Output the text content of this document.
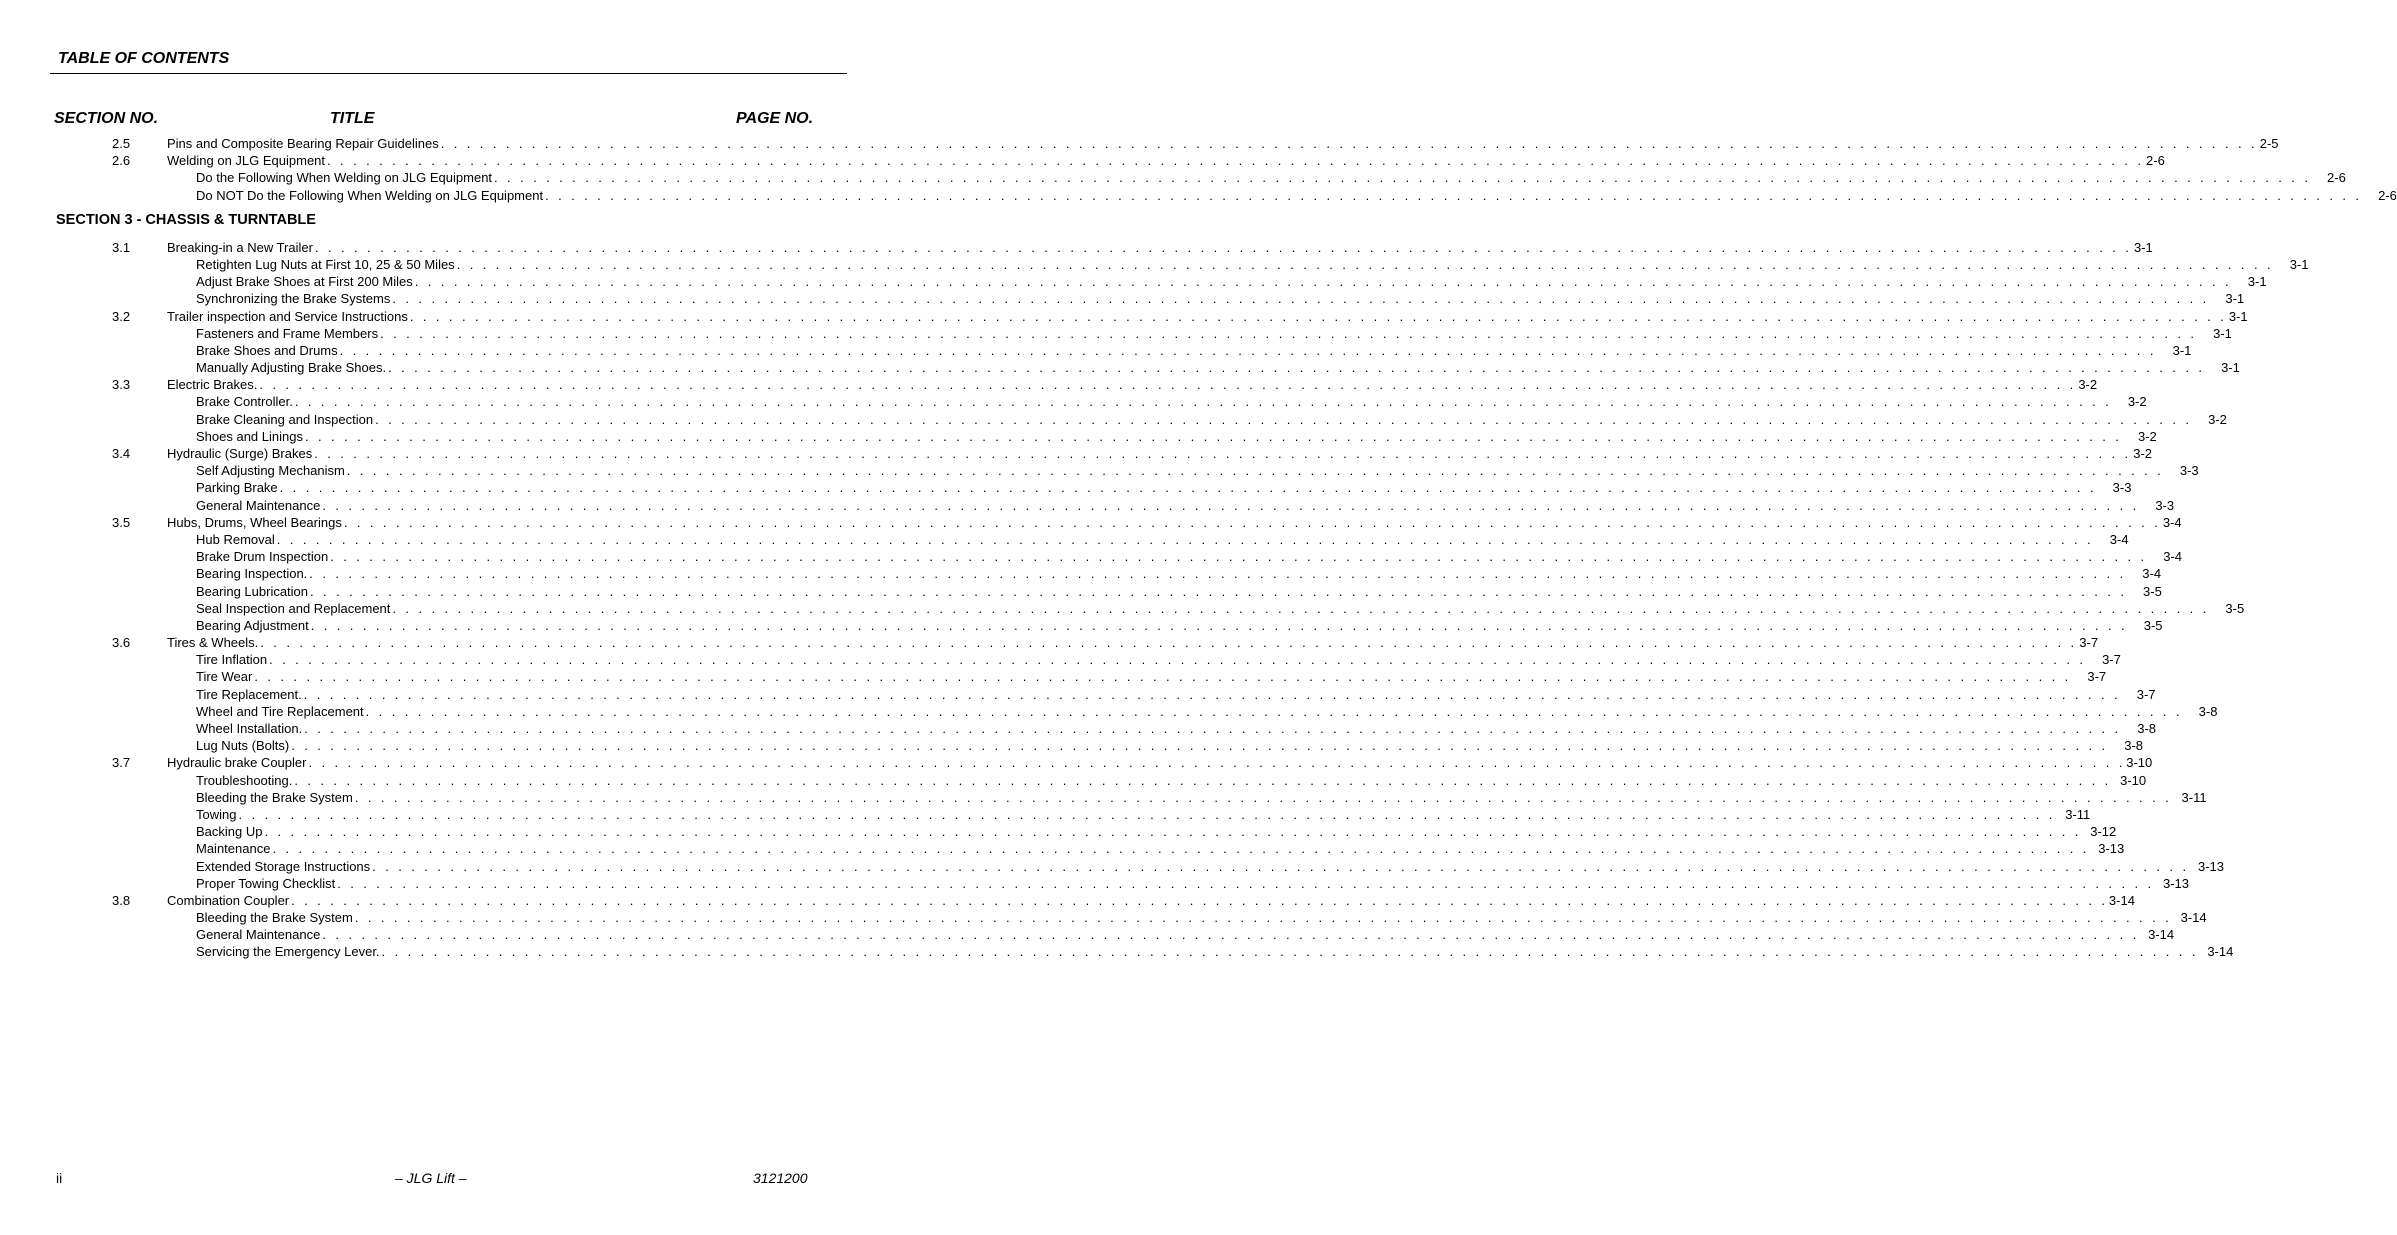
TABLE OF CONTENTS
SECTION NO.	TITLE	PAGE NO.
2.5	Pins and Composite Bearing Repair Guidelines . . . . . . . . . . . . . . . . . . . . . . . . . . . . . . . . . . . . . . . . . . . . . . . . . . . . . . . . . . . . . . . . . . . . . . . . . . . . . . . . . . . . . . . . . . . . . . . . . . . . . . . . . . . . . . . . . . . . . . . . . . . . . . . . . . . . . . . . . . . . 2-5
2.6	Welding on JLG Equipment . . . . . . . . . . . . . . . . . . . . . . . . . . . . . . . . . . . . . . . . . . . . . . . . . . . . . . . . . . . . . . . . . . . . . . . . . . . . . . . . . . . . . . . . . . . . . . . . . . . . . . . . . . . . . . . . . . . . . . . . . . . . . . . . . . . . . . . . . . . . 2-6
Do the Following When Welding on JLG Equipment . . . . . . . . . . . . . . . . . . . . . . . . . . . . . . . . . . . . . . . . . . . . . . . . . . . . . . . . . . . . . . . . . . . . . . . . . . . . . . . . . . . . . . . . . . . . . . . . . . . . . . . . . . . . . . . . . . . . . . . . . . . . . . . . . . . . . . . . . . . .	2-6
Do NOT Do the Following When Welding on JLG Equipment . . . . . . . . . . . . . . . . . . . . . . . . . . . . . . . . . . . . . . . . . . . . . . . . . . . . . . . . . . . . . . . . . . . . . . . . . . . . . . . . . . . . . . . . . . . . . . . . . . . . . . . . . . . . . . . . . . . . . . . . . . . . . . . . . . . . . . . . . . . .	2-6
SECTION 3 - CHASSIS & TURNTABLE
3.1	Breaking-in a New Trailer . . . . . . . . . . . . . . . . . . . . . . . . . . . . . . . . . . . . . . . . . . . . . . . . . . . . . . . . . . . . . . . . . . . . . . . . . . . . . . . . . . . . . . . . . . . . . . . . . . . . . . . . . . . . . . . . . . . . . . . . . . . . . . . . . . . . . . . . . . . . 3-1
Retighten Lug Nuts at First 10, 25 & 50 Miles . . . . . . . . . . . . . . . . . . . . . . . . . . . . . . . . . . . . . . . . . . . . . . . . . . . . . . . . . . . . . . . . . . . . . . . . . . . . . . . . . . . . . . . . . . . . . . . . . . . . . . . . . . . . . . . . . . . . . . . . . . . . . . . . . . . . . . . . . . . .	3-1
Adjust Brake Shoes at First 200 Miles . . . . . . . . . . . . . . . . . . . . . . . . . . . . . . . . . . . . . . . . . . . . . . . . . . . . . . . . . . . . . . . . . . . . . . . . . . . . . . . . . . . . . . . . . . . . . . . . . . . . . . . . . . . . . . . . . . . . . . . . . . . . . . . . . . . . . . . . . . . .	3-1
Synchronizing the Brake Systems . . . . . . . . . . . . . . . . . . . . . . . . . . . . . . . . . . . . . . . . . . . . . . . . . . . . . . . . . . . . . . . . . . . . . . . . . . . . . . . . . . . . . . . . . . . . . . . . . . . . . . . . . . . . . . . . . . . . . . . . . . . . . . . . . . . . . . . . . . . .	3-1
3.2	Trailer inspection and Service Instructions . . . . . . . . . . . . . . . . . . . . . . . . . . . . . . . . . . . . . . . . . . . . . . . . . . . . . . . . . . . . . . . . . . . . . . . . . . . . . . . . . . . . . . . . . . . . . . . . . . . . . . . . . . . . . . . . . . . . . . . . . . . . . . . . . . . . . . . . . . . . 3-1
Fasteners and Frame Members . . . . . . . . . . . . . . . . . . . . . . . . . . . . . . . . . . . . . . . . . . . . . . . . . . . . . . . . . . . . . . . . . . . . . . . . . . . . . . . . . . . . . . . . . . . . . . . . . . . . . . . . . . . . . . . . . . . . . . . . . . . . . . . . . . . . . . . . . . . .	3-1
Brake Shoes and Drums . . . . . . . . . . . . . . . . . . . . . . . . . . . . . . . . . . . . . . . . . . . . . . . . . . . . . . . . . . . . . . . . . . . . . . . . . . . . . . . . . . . . . . . . . . . . . . . . . . . . . . . . . . . . . . . . . . . . . . . . . . . . . . . . . . . . . . . . . . . .	3-1
Manually Adjusting Brake Shoes. . . . . . . . . . . . . . . . . . . . . . . . . . . . . . . . . . . . . . . . . . . . . . . . . . . . . . . . . . . . . . . . . . . . . . . . . . . . . . . . . . . . . . . . . . . . . . . . . . . . . . . . . . . . . . . . . . . . . . . . . . . . . . . . . . . . . . . . . . . . .	3-1
3.3	Electric Brakes. . . . . . . . . . . . . . . . . . . . . . . . . . . . . . . . . . . . . . . . . . . . . . . . . . . . . . . . . . . . . . . . . . . . . . . . . . . . . . . . . . . . . . . . . . . . . . . . . . . . . . . . . . . . . . . . . . . . . . . . . . . . . . . . . . . . . . . . . . . . . 3-2
Brake Controller. . . . . . . . . . . . . . . . . . . . . . . . . . . . . . . . . . . . . . . . . . . . . . . . . . . . . . . . . . . . . . . . . . . . . . . . . . . . . . . . . . . . . . . . . . . . . . . . . . . . . . . . . . . . . . . . . . . . . . . . . . . . . . . . . . . . . . . . . . . . .	3-2
Brake Cleaning and Inspection . . . . . . . . . . . . . . . . . . . . . . . . . . . . . . . . . . . . . . . . . . . . . . . . . . . . . . . . . . . . . . . . . . . . . . . . . . . . . . . . . . . . . . . . . . . . . . . . . . . . . . . . . . . . . . . . . . . . . . . . . . . . . . . . . . . . . . . . . . . .	3-2
Shoes and Linings . . . . . . . . . . . . . . . . . . . . . . . . . . . . . . . . . . . . . . . . . . . . . . . . . . . . . . . . . . . . . . . . . . . . . . . . . . . . . . . . . . . . . . . . . . . . . . . . . . . . . . . . . . . . . . . . . . . . . . . . . . . . . . . . . . . . . . . . . . . .	3-2
3.4	Hydraulic (Surge) Brakes . . . . . . . . . . . . . . . . . . . . . . . . . . . . . . . . . . . . . . . . . . . . . . . . . . . . . . . . . . . . . . . . . . . . . . . . . . . . . . . . . . . . . . . . . . . . . . . . . . . . . . . . . . . . . . . . . . . . . . . . . . . . . . . . . . . . . . . . . . . . 3-2
Self Adjusting Mechanism . . . . . . . . . . . . . . . . . . . . . . . . . . . . . . . . . . . . . . . . . . . . . . . . . . . . . . . . . . . . . . . . . . . . . . . . . . . . . . . . . . . . . . . . . . . . . . . . . . . . . . . . . . . . . . . . . . . . . . . . . . . . . . . . . . . . . . . . . . . .	3-3
Parking Brake . . . . . . . . . . . . . . . . . . . . . . . . . . . . . . . . . . . . . . . . . . . . . . . . . . . . . . . . . . . . . . . . . . . . . . . . . . . . . . . . . . . . . . . . . . . . . . . . . . . . . . . . . . . . . . . . . . . . . . . . . . . . . . . . . . . . . . . . . . . .	3-3
General Maintenance . . . . . . . . . . . . . . . . . . . . . . . . . . . . . . . . . . . . . . . . . . . . . . . . . . . . . . . . . . . . . . . . . . . . . . . . . . . . . . . . . . . . . . . . . . . . . . . . . . . . . . . . . . . . . . . . . . . . . . . . . . . . . . . . . . . . . . . . . . . .	3-3
3.5	Hubs, Drums, Wheel Bearings . . . . . . . . . . . . . . . . . . . . . . . . . . . . . . . . . . . . . . . . . . . . . . . . . . . . . . . . . . . . . . . . . . . . . . . . . . . . . . . . . . . . . . . . . . . . . . . . . . . . . . . . . . . . . . . . . . . . . . . . . . . . . . . . . . . . . . . . . . . . 3-4
Hub Removal . . . . . . . . . . . . . . . . . . . . . . . . . . . . . . . . . . . . . . . . . . . . . . . . . . . . . . . . . . . . . . . . . . . . . . . . . . . . . . . . . . . . . . . . . . . . . . . . . . . . . . . . . . . . . . . . . . . . . . . . . . . . . . . . . . . . . . . . . . . .	3-4
Brake Drum Inspection . . . . . . . . . . . . . . . . . . . . . . . . . . . . . . . . . . . . . . . . . . . . . . . . . . . . . . . . . . . . . . . . . . . . . . . . . . . . . . . . . . . . . . . . . . . . . . . . . . . . . . . . . . . . . . . . . . . . . . . . . . . . . . . . . . . . . . . . . . . .	3-4
Bearing Inspection. . . . . . . . . . . . . . . . . . . . . . . . . . . . . . . . . . . . . . . . . . . . . . . . . . . . . . . . . . . . . . . . . . . . . . . . . . . . . . . . . . . . . . . . . . . . . . . . . . . . . . . . . . . . . . . . . . . . . . . . . . . . . . . . . . . . . . . . . . . . .	3-4
Bearing Lubrication . . . . . . . . . . . . . . . . . . . . . . . . . . . . . . . . . . . . . . . . . . . . . . . . . . . . . . . . . . . . . . . . . . . . . . . . . . . . . . . . . . . . . . . . . . . . . . . . . . . . . . . . . . . . . . . . . . . . . . . . . . . . . . . . . . . . . . . . . . . .	3-5
Seal Inspection and Replacement . . . . . . . . . . . . . . . . . . . . . . . . . . . . . . . . . . . . . . . . . . . . . . . . . . . . . . . . . . . . . . . . . . . . . . . . . . . . . . . . . . . . . . . . . . . . . . . . . . . . . . . . . . . . . . . . . . . . . . . . . . . . . . . . . . . . . . . . . . . .	3-5
Bearing Adjustment . . . . . . . . . . . . . . . . . . . . . . . . . . . . . . . . . . . . . . . . . . . . . . . . . . . . . . . . . . . . . . . . . . . . . . . . . . . . . . . . . . . . . . . . . . . . . . . . . . . . . . . . . . . . . . . . . . . . . . . . . . . . . . . . . . . . . . . . . . . .	3-5
3.6	Tires & Wheels. . . . . . . . . . . . . . . . . . . . . . . . . . . . . . . . . . . . . . . . . . . . . . . . . . . . . . . . . . . . . . . . . . . . . . . . . . . . . . . . . . . . . . . . . . . . . . . . . . . . . . . . . . . . . . . . . . . . . . . . . . . . . . . . . . . . . . . . . . . . . 3-7
Tire Inflation . . . . . . . . . . . . . . . . . . . . . . . . . . . . . . . . . . . . . . . . . . . . . . . . . . . . . . . . . . . . . . . . . . . . . . . . . . . . . . . . . . . . . . . . . . . . . . . . . . . . . . . . . . . . . . . . . . . . . . . . . . . . . . . . . . . . . . . . . . . .	3-7
Tire Wear . . . . . . . . . . . . . . . . . . . . . . . . . . . . . . . . . . . . . . . . . . . . . . . . . . . . . . . . . . . . . . . . . . . . . . . . . . . . . . . . . . . . . . . . . . . . . . . . . . . . . . . . . . . . . . . . . . . . . . . . . . . . . . . . . . . . . . . . . . . .	3-7
Tire Replacement. . . . . . . . . . . . . . . . . . . . . . . . . . . . . . . . . . . . . . . . . . . . . . . . . . . . . . . . . . . . . . . . . . . . . . . . . . . . . . . . . . . . . . . . . . . . . . . . . . . . . . . . . . . . . . . . . . . . . . . . . . . . . . . . . . . . . . . . . . . . .	3-7
Wheel and Tire Replacement . . . . . . . . . . . . . . . . . . . . . . . . . . . . . . . . . . . . . . . . . . . . . . . . . . . . . . . . . . . . . . . . . . . . . . . . . . . . . . . . . . . . . . . . . . . . . . . . . . . . . . . . . . . . . . . . . . . . . . . . . . . . . . . . . . . . . . . . . . . .	3-8
Wheel Installation. . . . . . . . . . . . . . . . . . . . . . . . . . . . . . . . . . . . . . . . . . . . . . . . . . . . . . . . . . . . . . . . . . . . . . . . . . . . . . . . . . . . . . . . . . . . . . . . . . . . . . . . . . . . . . . . . . . . . . . . . . . . . . . . . . . . . . . . . . . . .	3-8
Lug Nuts (Bolts) . . . . . . . . . . . . . . . . . . . . . . . . . . . . . . . . . . . . . . . . . . . . . . . . . . . . . . . . . . . . . . . . . . . . . . . . . . . . . . . . . . . . . . . . . . . . . . . . . . . . . . . . . . . . . . . . . . . . . . . . . . . . . . . . . . . . . . . . . . . .	3-8
3.7	Hydraulic brake Coupler . . . . . . . . . . . . . . . . . . . . . . . . . . . . . . . . . . . . . . . . . . . . . . . . . . . . . . . . . . . . . . . . . . . . . . . . . . . . . . . . . . . . . . . . . . . . . . . . . . . . . . . . . . . . . . . . . . . . . . . . . . . . . . . . . . . . . . . . . . . . 3-10
Troubleshooting. . . . . . . . . . . . . . . . . . . . . . . . . . . . . . . . . . . . . . . . . . . . . . . . . . . . . . . . . . . . . . . . . . . . . . . . . . . . . . . . . . . . . . . . . . . . . . . . . . . . . . . . . . . . . . . . . . . . . . . . . . . . . . . . . . . . . . . . . . . . . 3-10
Bleeding the Brake System . . . . . . . . . . . . . . . . . . . . . . . . . . . . . . . . . . . . . . . . . . . . . . . . . . . . . . . . . . . . . . . . . . . . . . . . . . . . . . . . . . . . . . . . . . . . . . . . . . . . . . . . . . . . . . . . . . . . . . . . . . . . . . . . . . . . . . . . . . . . 3-11
Towing . . . . . . . . . . . . . . . . . . . . . . . . . . . . . . . . . . . . . . . . . . . . . . . . . . . . . . . . . . . . . . . . . . . . . . . . . . . . . . . . . . . . . . . . . . . . . . . . . . . . . . . . . . . . . . . . . . . . . . . . . . . . . . . . . . . . . . . . . . . . 3-11
Backing Up . . . . . . . . . . . . . . . . . . . . . . . . . . . . . . . . . . . . . . . . . . . . . . . . . . . . . . . . . . . . . . . . . . . . . . . . . . . . . . . . . . . . . . . . . . . . . . . . . . . . . . . . . . . . . . . . . . . . . . . . . . . . . . . . . . . . . . . . . . . . 3-12
Maintenance . . . . . . . . . . . . . . . . . . . . . . . . . . . . . . . . . . . . . . . . . . . . . . . . . . . . . . . . . . . . . . . . . . . . . . . . . . . . . . . . . . . . . . . . . . . . . . . . . . . . . . . . . . . . . . . . . . . . . . . . . . . . . . . . . . . . . . . . . . . . 3-13
Extended Storage Instructions . . . . . . . . . . . . . . . . . . . . . . . . . . . . . . . . . . . . . . . . . . . . . . . . . . . . . . . . . . . . . . . . . . . . . . . . . . . . . . . . . . . . . . . . . . . . . . . . . . . . . . . . . . . . . . . . . . . . . . . . . . . . . . . . . . . . . . . . . . . . 3-13
Proper Towing Checklist . . . . . . . . . . . . . . . . . . . . . . . . . . . . . . . . . . . . . . . . . . . . . . . . . . . . . . . . . . . . . . . . . . . . . . . . . . . . . . . . . . . . . . . . . . . . . . . . . . . . . . . . . . . . . . . . . . . . . . . . . . . . . . . . . . . . . . . . . . . . 3-13
3.8	Combination Coupler . . . . . . . . . . . . . . . . . . . . . . . . . . . . . . . . . . . . . . . . . . . . . . . . . . . . . . . . . . . . . . . . . . . . . . . . . . . . . . . . . . . . . . . . . . . . . . . . . . . . . . . . . . . . . . . . . . . . . . . . . . . . . . . . . . . . . . . . . . . . 3-14
Bleeding the Brake System . . . . . . . . . . . . . . . . . . . . . . . . . . . . . . . . . . . . . . . . . . . . . . . . . . . . . . . . . . . . . . . . . . . . . . . . . . . . . . . . . . . . . . . . . . . . . . . . . . . . . . . . . . . . . . . . . . . . . . . . . . . . . . . . . . . . . . . . . . . . 3-14
General Maintenance . . . . . . . . . . . . . . . . . . . . . . . . . . . . . . . . . . . . . . . . . . . . . . . . . . . . . . . . . . . . . . . . . . . . . . . . . . . . . . . . . . . . . . . . . . . . . . . . . . . . . . . . . . . . . . . . . . . . . . . . . . . . . . . . . . . . . . . . . . . . 3-14
Servicing the Emergency Lever. . . . . . . . . . . . . . . . . . . . . . . . . . . . . . . . . . . . . . . . . . . . . . . . . . . . . . . . . . . . . . . . . . . . . . . . . . . . . . . . . . . . . . . . . . . . . . . . . . . . . . . . . . . . . . . . . . . . . . . . . . . . . . . . . . . . . . . . . . . . . 3-14
ii	– JLG Lift –	3121200
